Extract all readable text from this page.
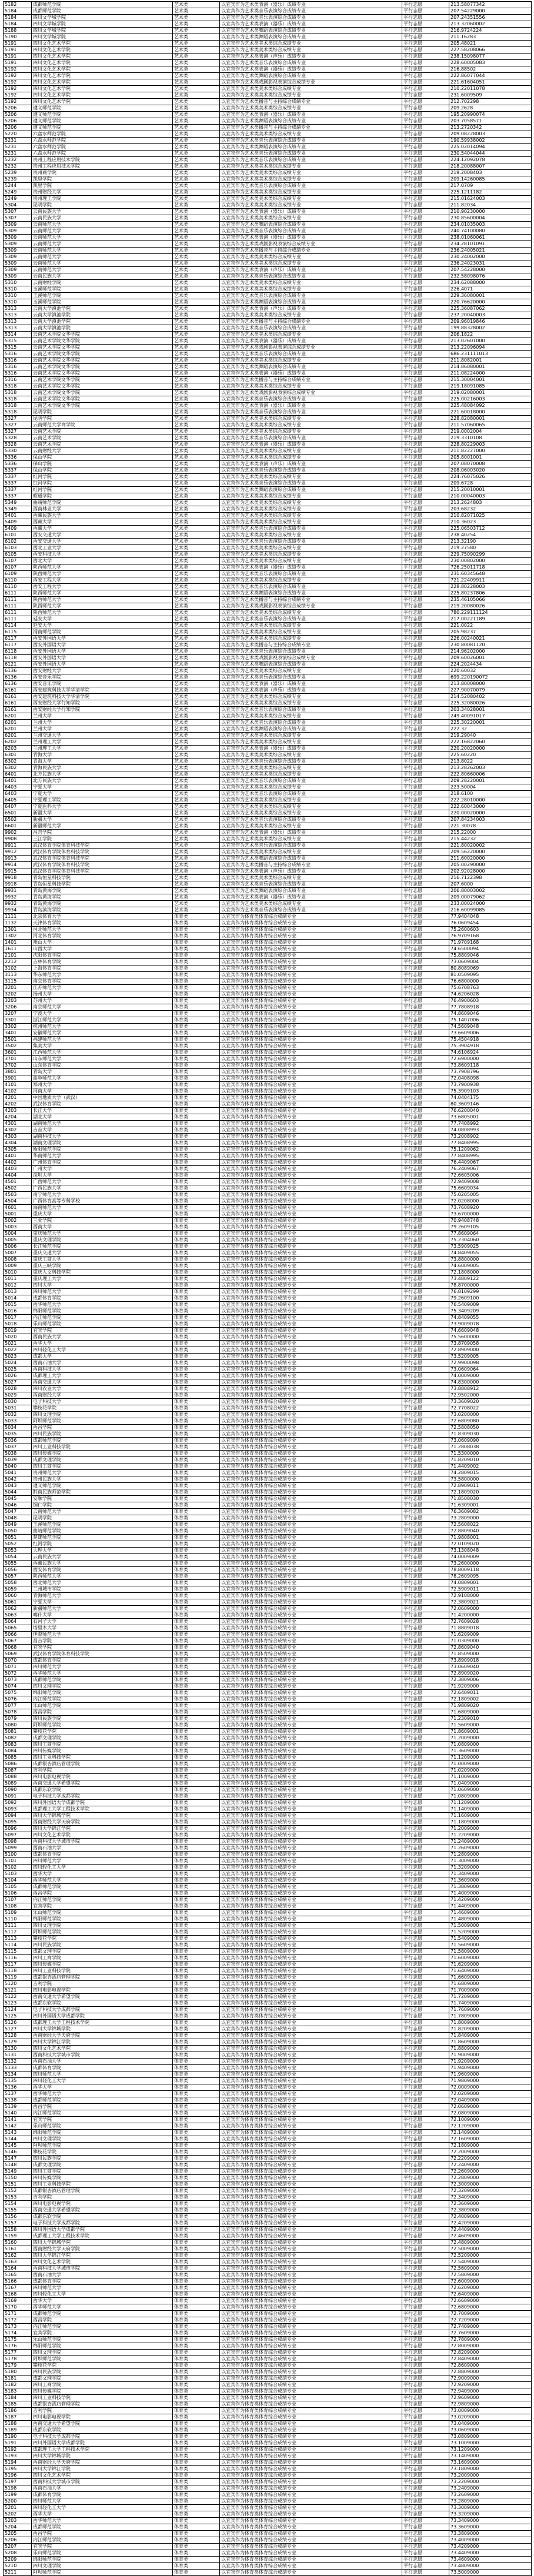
5182	成都师范学院	艺术类	以宜宾作为艺术类表演（器乐）成绩专业	平行志愿	213.58077342
5184	成都师范学院	艺术类	以宜宾作为艺术类音乐表演综合成绩专业	平行志愿	207.54229000
5184	四川文学城学院	艺术类	以宜宾作为艺术类音乐表演综合成绩专业	平行志愿	207.24351556
5184	四川文学城学院	艺术类	以宜宾作为艺术类表演（器乐）成绩专业	平行志愿	213.32060002
5188	四川文学城学院	艺术类	以宜宾作为艺术类舞蹈表演综合成绩专业	平行志愿	216.9724224
5190	四川文学城学院	艺术类	以宜宾作为艺术类舞蹈表演综合成绩专业	平行志愿	211.16283
5191	四川文化艺术学院	艺术类	以宜宾作为艺术类美术类综合成绩专业	平行志愿	205.48021
5191	四川文化艺术学院	艺术类	以宜宾作为艺术类美术类综合成绩专业	平行志愿	227.58208066
5191	四川文化艺术学院	艺术类	以宜宾作为艺术类表演（声乐）成绩专业	平行志愿	238.15098077
5191	四川文化艺术学院	艺术类	以宜宾作为艺术类音乐表演综合成绩专业	平行志愿	228.60005083
5192	四川文化艺术学院	艺术类	以宜宾作为艺术类表演（器乐）成绩专业	平行志愿	216.88502
5192	四川文化艺术学院	艺术类	以宜宾作为艺术类舞蹈表演综合成绩专业	平行志愿	222.86077044
5192	四川文化艺术学院	艺术类	以宜宾作为艺术类戏剧影视表演综合成绩专业	平行志愿	221.61604051
5192	四川文化艺术学院	艺术类	以宜宾作为艺术类美术类综合成绩专业	平行志愿	210.22011078
5192	四川文化艺术学院	艺术类	以宜宾作为艺术类美术类综合成绩专业	平行志愿	231.6009509
5192	四川文化艺术学院	艺术类	以宜宾作为艺术类播音与主持综合成绩专业	平行志愿	212.702298
5206	遵义师范学院	艺术类	以宜宾作为艺术类美术类综合成绩专业	平行志愿	209.2628
5206	遵义师范学院	艺术类	以宜宾作为艺术类表演（器乐）成绩专业	平行志愿	195.20990074
5206	遵义师范学院	艺术类	以宜宾作为艺术类舞蹈表演综合成绩专业	平行志愿	203.7058571
5206	遵义师范学院	艺术类	以宜宾作为艺术类播音与主持综合成绩专业	平行志愿	213.2720342
5220	六盘水师范学院	艺术类	以宜宾作为艺术类美术类综合成绩专业	平行志愿	209.08228003
5231	六盘水师范学院	艺术类	以宜宾作为艺术类音乐表演综合成绩专业	平行志愿	190.59938002
5231	六盘水师范学院	艺术类	以宜宾作为艺术类舞蹈表演综合成绩专业	平行志愿	225.02014094
5231	六盘水师范学院	艺术类	以宜宾作为艺术类音乐表演综合成绩专业	平行志愿	230.54044044
5232	贵州工程应用技术学院	艺术类	以宜宾作为艺术类音乐表演综合成绩专业	平行志愿	224.12092078
5232	贵州工程应用技术学院	艺术类	以宜宾作为艺术类美术类综合成绩专业	平行志愿	218.20088007
5239	贵州商学院	艺术类	以宜宾作为艺术类美术类综合成绩专业	平行志愿	219.2008403
5239	凯里学院	艺术类	以宜宾作为艺术类美术类综合成绩专业	平行志愿	209.14260085
5244	凯里学院	艺术类	以宜宾作为艺术类音乐表演综合成绩专业	平行志愿	217.0709
5249	贵州财经大学	艺术类	以宜宾作为艺术类美术类综合成绩专业	平行志愿	225.1211182
5249	贵州理工学院	艺术类	以宜宾作为艺术类美术类综合成绩专业	平行志愿	215.01624003
5304	昆明学院	艺术类	以宜宾作为艺术类美术类综合成绩专业	平行志愿	211.82034
5307	云南民族大学	艺术类	以宜宾作为艺术类表演（器乐）成绩专业	平行志愿	210.90230000
5307	云南民族大学	艺术类	以宜宾作为艺术类美术类综合成绩专业	平行志愿	230.85600004
5309	云南师范大学	艺术类	以宜宾作为艺术类舞蹈表演综合成绩专业	平行志愿	234.01035003
5309	云南师范大学	艺术类	以宜宾作为艺术类音乐表演综合成绩专业	平行志愿	240.74100080
5309	云南师范大学	艺术类	以宜宾作为艺术类表演（器乐）成绩专业	平行志愿	238.01060061
5309	云南师范大学	艺术类	以宜宾作为艺术类戏剧影视表演综合成绩专业	平行志愿	234.28101091
5309	云南师范大学	艺术类	以宜宾作为艺术类播音与主持综合成绩专业	平行志愿	236.24005021
5309	云南师范大学	艺术类	以宜宾作为艺术类美术类综合成绩专业	平行志愿	230.24002000
5309	云南师范大学	艺术类	以宜宾作为艺术类美术类综合成绩专业	平行志愿	236.24023031
5309	云南师范大学	艺术类	以宜宾作为艺术类表演（声乐）成绩专业	平行志愿	207.54228000
5309	云南民族大学	艺术类	以宜宾作为艺术类音乐表演综合成绩专业	平行志愿	232.58098076
5310	云南财经学院	艺术类	以宜宾作为艺术类美术类综合成绩专业	平行志愿	234.62088000
5310	玉溪师范学院	艺术类	以宜宾作为艺术类美术类综合成绩专业	平行志愿	226.4071
5310	玉溪师范学院	艺术类	以宜宾作为艺术类音乐表演综合成绩专业	平行志愿	229.36080001
5310	玉溪师范学院	艺术类	以宜宾作为艺术类舞蹈表演综合成绩专业	平行志愿	220.76620000
5313	云南大学滇池学院	艺术类	以宜宾作为艺术类表演（声乐）成绩专业	平行志愿	225.36087062
5313	云南大学滇池学院	艺术类	以宜宾作为艺术类美术类综合成绩专业	平行志愿	237.20040003
5313	云南大学滇池学院	艺术类	以宜宾作为艺术类播音与主持综合成绩专业	平行志愿	209.96019846
5313	云南大学滇池学院	艺术类	以宜宾作为艺术类音乐表演综合成绩专业	平行志愿	199.88328002
5314	云南艺术学院文华学院	艺术类	以宜宾作为艺术类美术类综合成绩专业	平行志愿	206.1822
5315	云南艺术学院文华学院	艺术类	以宜宾作为艺术类表演（器乐）成绩专业	平行志愿	213.02601000
5315	云南艺术学院文华学院	艺术类	以宜宾作为艺术类戏剧影视表演综合成绩专业	平行志愿	213.22096094
5316	云南艺术学院文华学院	艺术类	以宜宾作为艺术类音乐表演综合成绩专业	平行志愿	686.231111013
5316	云南艺术学院文华学院	艺术类	以宜宾作为艺术类美术类综合成绩专业	平行志愿	211.8082001
5316	云南艺术学院文华学院	艺术类	以宜宾作为艺术类舞蹈表演综合成绩专业	平行志愿	214.86080001
5316	云南艺术学院文华学院	艺术类	以宜宾作为艺术类表演（器乐）成绩专业	平行志愿	211.08224000
5316	云南艺术学院文华学院	艺术类	以宜宾作为艺术类播音与主持综合成绩专业	平行志愿	215.30004001
5318	云南艺术学院文华学院	艺术类	以宜宾作为艺术类美术类综合成绩专业	平行志愿	219.18091085
5318	云南艺术学院文华学院	艺术类	以宜宾作为艺术类戏剧影视表演综合成绩专业	平行志愿	219.02080001
5318	云南艺术学院文华学院	艺术类	以宜宾作为艺术类音乐表演综合成绩专业	平行志愿	225.00216003
5318	云南艺术学院文华学院	艺术类	以宜宾作为艺术类表演（器乐）成绩专业	平行志愿	225.48084092
5318	昆明学院	艺术类	以宜宾作为艺术类音乐表演综合成绩专业	平行志愿	221.60018000
5327	昆明学院	艺术类	以宜宾作为艺术类美术类综合成绩专业	平行志愿	228.82080001
5327	云南师范大学商学院	艺术类	以宜宾作为艺术类美术类综合成绩专业	平行志愿	211.57060065
5327	云南艺术学院	艺术类	以宜宾作为艺术类美术类综合成绩专业	平行志愿	219.0002004
5328	云南艺术学院	艺术类	以宜宾作为艺术类音乐表演综合成绩专业	平行志愿	219.3310108
5328	云南艺术学院	艺术类	以宜宾作为艺术类表演（器乐）成绩专业	平行志愿	228.80229003
5330	云南财经大学	艺术类	以宜宾作为艺术类美术类综合成绩专业	平行志愿	211.82227000
5336	保山学院	艺术类	以宜宾作为艺术类美术类综合成绩专业	平行志愿	205.8001001
5336	保山学院	艺术类	以宜宾作为艺术类表演（声乐）成绩专业	平行志愿	207.08070008
5337	保山学院	艺术类	以宜宾作为艺术类音乐表演综合成绩专业	平行志愿	208.06003020
5337	红河学院	艺术类	以宜宾作为艺术类美术类综合成绩专业	平行志愿	224.76075026
5337	红河学院	艺术类	以宜宾作为艺术类音乐表演综合成绩专业	平行志愿	209.6728
5337	红河学院	艺术类	以宜宾作为艺术类舞蹈表演综合成绩专业	平行志愿	215.20010001
5337	昭通学院	艺术类	以宜宾作为艺术类美术类综合成绩专业	平行志愿	210.00040003
5349	曲靖师范学院	艺术类	以宜宾作为艺术类美术类综合成绩专业	平行志愿	213.2624803
5349	西南林业大学	艺术类	以宜宾作为艺术类美术类综合成绩专业	平行志愿	203.68232
5401	西藏民族大学	艺术类	以宜宾作为艺术类美术类综合成绩专业	平行志愿	210.82071025
5409	西藏大学	艺术类	以宜宾作为艺术类美术类综合成绩专业	平行志愿	210.36023
5409	西藏大学	艺术类	以宜宾作为艺术类音乐表演综合成绩专业	平行志愿	225.06503712
6101	西安交通大学	艺术类	以宜宾作为艺术类美术类综合成绩专业	平行志愿	238.40254
6102	西安交通大学	艺术类	以宜宾作为艺术类音乐表演综合成绩专业	平行志愿	213.32190
6103	西北工业大学	艺术类	以宜宾作为艺术类美术类综合成绩专业	平行志愿	219.27580
6105	西安科技大学	艺术类	以宜宾作为艺术类美术类综合成绩专业	平行志愿	229.75090299
6107	西北大学	艺术类	以宜宾作为艺术类美术类综合成绩专业	平行志愿	230.00802000
6107	陕西师范大学	艺术类	以宜宾作为艺术类表演（器乐）成绩专业	平行志愿	726.25011718
6109	陕西师范大学	艺术类	以宜宾作为艺术类音乐表演综合成绩专业	平行志愿	231.60345648
6110	西安工程大学	艺术类	以宜宾作为艺术类美术类综合成绩专业	平行志愿	721.22409911
6110	西安工程大学	艺术类	以宜宾作为艺术类音乐表演综合成绩专业	平行志愿	228.80228003
6111	陕西师范大学	艺术类	以宜宾作为艺术类舞蹈表演综合成绩专业	平行志愿	225.80237806
6111	陕西师范大学	艺术类	以宜宾作为艺术类播音与主持综合成绩专业	平行志愿	235.46105066
6111	陕西师范大学	艺术类	以宜宾作为艺术类戏剧影视表演综合成绩专业	平行志愿	219.20080026
6111	陕西师范大学	艺术类	以宜宾作为艺术类美术类综合成绩专业	平行志愿	780.229111124
6111	延安大学	艺术类	以宜宾作为艺术类音乐表演综合成绩专业	平行志愿	217.00221189
6114	延安大学	艺术类	以宜宾作为艺术类美术类综合成绩专业	平行志愿	221.0022
6115	渭南师范学院	艺术类	以宜宾作为艺术类美术类综合成绩专业	平行志愿	205.98237
6117	西安外国语大学	艺术类	以宜宾作为艺术类美术类综合成绩专业	平行志愿	226.00240021
6117	西安外国语大学	艺术类	以宜宾作为艺术类播音与主持综合成绩专业	平行志愿	230.80081120
6118	西安外国语大学	艺术类	以宜宾作为艺术类音乐表演综合成绩专业	平行志愿	214.96202000
6118	西安外国语大学	艺术类	以宜宾作为艺术类戏剧影视表演综合成绩专业	平行志愿	209.60026001
6121	西安外国语大学	艺术类	以宜宾作为艺术类舞蹈表演综合成绩专业	平行志愿	224.2024434
6136	西安财经大学	艺术类	以宜宾作为艺术类美术类综合成绩专业	平行志愿	220.60032
6136	西安音乐学院	艺术类	以宜宾作为艺术类音乐表演综合成绩专业	平行志愿	699.220190072
6136	西安音乐学院	艺术类	以宜宾作为艺术类表演（器乐）成绩专业	平行志愿	213.80008000
6161	西安建筑科技大学华清学院	艺术类	以宜宾作为艺术类表演（声乐）成绩专业	平行志愿	227.90070079
6161	西安建筑科技大学华清学院	艺术类	以宜宾作为艺术类美术类综合成绩专业	平行志愿	214.52080402
6161	西安财经大学行知学院	艺术类	以宜宾作为艺术类美术类综合成绩专业	平行志愿	225.32080026
6161	西安财经大学行知学院	艺术类	以宜宾作为艺术类音乐表演综合成绩专业	平行志愿	203.34028001
6201	兰州大学	艺术类	以宜宾作为艺术类美术类综合成绩专业	平行志愿	249.40091017
6201	兰州大学	艺术类	以宜宾作为艺术类音乐表演综合成绩专业	平行志愿	225.30220001
6201	兰州大学	艺术类	以宜宾作为艺术类舞蹈表演综合成绩专业	平行志愿	222.32
6201	兰州交通大学	艺术类	以宜宾作为艺术类美术类综合成绩专业	平行志愿	219.29040
6202	兰州理工大学	艺术类	以宜宾作为艺术类美术类综合成绩专业	平行志愿	222.16822060
6203	兰州理工大学	艺术类	以宜宾作为艺术类表演（器乐）成绩专业	平行志愿	220.20020000
6301	青海大学	艺术类	以宜宾作为艺术类美术类综合成绩专业	平行志愿	225.60220
6302	青海大学	艺术类	以宜宾作为艺术类音乐表演综合成绩专业	平行志愿	213.8022
6302	青海民族大学	艺术类	以宜宾作为艺术类美术类综合成绩专业	平行志愿	213.28262003
6401	北方民族大学	艺术类	以宜宾作为艺术类美术类综合成绩专业	平行志愿	222.80660006
6401	北方民族大学	艺术类	以宜宾作为艺术类音乐表演综合成绩专业	平行志愿	209.28220001
6403	宁夏大学	艺术类	以宜宾作为艺术类美术类综合成绩专业	平行志愿	223.50004
6403	宁夏大学	艺术类	以宜宾作为艺术类音乐表演综合成绩专业	平行志愿	218.6100
6405	宁夏理工学院	艺术类	以宜宾作为艺术类美术类综合成绩专业	平行志愿	222.28010000
6407	宁夏医科大学	艺术类	以宜宾作为艺术类美术类综合成绩专业	平行志愿	222.60043000
6501	新疆大学	艺术类	以宜宾作为艺术类美术类综合成绩专业	平行志愿	220.00020000
6502	新疆大学	艺术类	以宜宾作为艺术类音乐表演综合成绩专业	平行志愿	207.84234003
6601	新疆师范大学	艺术类	以宜宾作为艺术类美术类综合成绩专业	平行志愿	221.30078
9902	昌吉学院	艺术类	以宜宾作为艺术类表演（器乐）成绩专业	平行志愿	215.22000
9908	三江学院	艺术类	以宜宾作为艺术类美术类综合成绩专业	平行志愿	215.44232
9911	武汉体育学院体育科技学院	艺术类	以宜宾作为艺术类音乐表演综合成绩专业	平行志愿	221.80020002
9912	武汉体育学院体育科技学院	艺术类	以宜宾作为艺术类美术类综合成绩专业	平行志愿	209.56220000
9913	武汉体育学院体育科技学院	艺术类	以宜宾作为艺术类舞蹈表演综合成绩专业	平行志愿	211.60020000
9914	武汉体育学院体育科技学院	艺术类	以宜宾作为艺术类播音与主持综合成绩专业	平行志愿	205.00290000
9915	武汉体育学院体育科技学院	艺术类	以宜宾作为艺术类表演（声乐）成绩专业	平行志愿	202.92028000
9918	青岛恒星科技学院	艺术类	以宜宾作为艺术类美术类综合成绩专业	平行志愿	216.7122398
9918	青岛恒星科技学院	艺术类	以宜宾作为艺术类音乐表演综合成绩专业	平行志愿	207.6000
9931	青岛黄海学院	艺术类	以宜宾作为艺术类舞蹈表演综合成绩专业	平行志愿	206.80003002
9932	青岛黄海学院	艺术类	以宜宾作为艺术类表演（器乐）成绩专业	平行志愿	209.00079062
9932	青岛黄海学院	艺术类	以宜宾作为艺术类美术类综合成绩专业	平行志愿	233.00024000
9934	青岛滨海学院	艺术类	以宜宾作为艺术类音乐表演综合成绩专业	平行志愿	216.60099085
1111	北京体育大学	体育类	以宜宾作为体育类体育综合成绩专业	平行志愿	77.9404048
1132	天津体育学院	体育类	以宜宾作为体育类体育综合成绩专业	平行志愿	76.0609454
1301	河北师范大学	体育类	以宜宾作为体育类体育综合成绩专业	平行志愿	75.2600603
1302	河北体育学院	体育类	以宜宾作为体育类体育综合成绩专业	平行志愿	76.9709168
1401	燕山大学	体育类	以宜宾作为体育类体育综合成绩专业	平行志愿	71.9709168
1611	山西大学	体育类	以宜宾作为体育类体育综合成绩专业	平行志愿	74.6500094
2101	沈阳体育学院	体育类	以宜宾作为体育类体育综合成绩专业	平行志愿	75.8809046
2212	吉林体育学院	体育类	以宜宾作为体育类体育综合成绩专业	平行志愿	73.0609004
3102	上海体育学院	体育类	以宜宾作为体育类体育综合成绩专业	平行志愿	80.8089069
3113	华东师范大学	体育类	以宜宾作为体育类体育综合成绩专业	平行志愿	81.0509095
3115	南京体育学院	体育类	以宜宾作为体育类体育综合成绩专业	平行志愿	76.6800000
3201	江苏师范大学	体育类	以宜宾作为体育类体育综合成绩专业	平行志愿	75.6708763
3202	扬州大学	体育类	以宜宾作为体育类体育综合成绩专业	平行志愿	74.6206028
3203	苏州大学	体育类	以宜宾作为体育类体育综合成绩专业	平行志愿	76.4900603
3206	南京师范大学	体育类	以宜宾作为体育类体育综合成绩专业	平行志愿	77.7808918
3207	宁波大学	体育类	以宜宾作为体育类体育综合成绩专业	平行志愿	74.8609046
3301	浙江师范大学	体育类	以宜宾作为体育类体育综合成绩专业	平行志愿	75.1407006
3302	杭州师范大学	体育类	以宜宾作为体育类体育综合成绩专业	平行志愿	74.5609048
3401	安徽师范大学	体育类	以宜宾作为体育类体育综合成绩专业	平行志愿	73.6609006
3501	福建师范大学	体育类	以宜宾作为体育类体育综合成绩专业	平行志愿	75.4504918
3502	集美大学	体育类	以宜宾作为体育类体育综合成绩专业	平行志愿	75.3904918
3601	江西师范大学	体育类	以宜宾作为体育类体育综合成绩专业	平行志愿	74.6106924
3701	山东师范大学	体育类	以宜宾作为体育类体育综合成绩专业	平行志愿	72.6900000
3702	山东体育学院	体育类	以宜宾作为体育类体育综合成绩专业	平行志愿	73.8609118
3801	青岛大学	体育类	以宜宾作为体育类体育综合成绩专业	平行志愿	73.7908796
3901	曲阜师范大学	体育类	以宜宾作为体育类体育综合成绩专业	平行志愿	72.0408098
4101	郑州大学	体育类	以宜宾作为体育类体育综合成绩专业	平行志愿	73.7900938
4102	河南大学	体育类	以宜宾作为体育类体育综合成绩专业	平行志愿	75.3909103
4201	中国地质大学（武汉）	体育类	以宜宾作为体育类体育综合成绩专业	平行志愿	74.0404175
4202	武汉体育学院	体育类	以宜宾作为体育类体育综合成绩专业	平行志愿	80.3609146
4203	长江大学	体育类	以宜宾作为体育类体育综合成绩专业	平行志愿	76.6200040
4204	湖北大学	体育类	以宜宾作为体育类体育综合成绩专业	平行志愿	73.6805001
4301	湖南师范大学	体育类	以宜宾作为体育类体育综合成绩专业	平行志愿	77.7408992
4302	吉首大学	体育类	以宜宾作为体育类体育综合成绩专业	平行志愿	74.0808993
4303	湖南科技大学	体育类	以宜宾作为体育类体育综合成绩专业	平行志愿	73.2008902
4304	湖南文理学院	体育类	以宜宾作为体育类体育综合成绩专业	平行志愿	77.8408995
4305	衡阳师范学院	体育类	以宜宾作为体育类体育综合成绩专业	平行志愿	75.1209062
4401	华南师范大学	体育类	以宜宾作为体育类体育综合成绩专业	平行志愿	77.8408995
4402	广州体育学院	体育类	以宜宾作为体育类体育综合成绩专业	平行志愿	76.4409067
4403	广州大学	体育类	以宜宾作为体育类体育综合成绩专业	平行志愿	76.2409067
4404	深圳大学	体育类	以宜宾作为体育类体育综合成绩专业	平行志愿	72.6605006
4501	广西师范大学	体育类	以宜宾作为体育类体育综合成绩专业	平行志愿	72.9409008
4502	广西民族大学	体育类	以宜宾作为体育类体育综合成绩专业	平行志愿	75.6609034
4503	南宁师范大学	体育类	以宜宾作为体育类体育综合成绩专业	平行志愿	75.0205005
4504	广西体育高等专科学校	体育类	以宜宾作为体育类体育综合成绩专业	平行志愿	72.0208000
4601	海南师范大学	体育类	以宜宾作为体育类体育综合成绩专业	平行志愿	73.7608920
5001	重庆大学	体育类	以宜宾作为体育类体育综合成绩专业	平行志愿	73.6700000
5002	三亚学院	体育类	以宜宾作为体育类体育综合成绩专业	平行志愿	70.9408748
5003	西南大学	体育类	以宜宾作为体育类体育综合成绩专业	平行志愿	79.2609105
5004	重庆师范大学	体育类	以宜宾作为体育类体育综合成绩专业	平行志愿	77.8609064
5005	重庆文理学院	体育类	以宜宾作为体育类体育综合成绩专业	平行志愿	75.2304060
5006	长江师范学院	体育类	以宜宾作为体育类体育综合成绩专业	平行志愿	73.5909025
5007	重庆交通大学	体育类	以宜宾作为体育类体育综合成绩专业	平行志愿	74.8409055
5008	重庆工商大学	体育类	以宜宾作为体育类体育综合成绩专业	平行志愿	73.8800000
5009	重庆三峡学院	体育类	以宜宾作为体育类体育综合成绩专业	平行志愿	74.6009005
5010	重庆人文科技学院	体育类	以宜宾作为体育类体育综合成绩专业	平行志愿	72.1808000
5011	重庆理工大学	体育类	以宜宾作为体育类体育综合成绩专业	平行志愿	73.4809122
5012	四川大学	体育类	以宜宾作为体育类体育综合成绩专业	平行志愿	78.8700000
5013	四川师范大学	体育类	以宜宾作为体育类体育综合成绩专业	平行志愿	76.8109299
5014	成都体育学院	体育类	以宜宾作为体育类体育综合成绩专业	平行志愿	79.2609100
5015	西华师范大学	体育类	以宜宾作为体育类体育综合成绩专业	平行志愿	76.5409009
5016	绵阳师范学院	体育类	以宜宾作为体育类体育综合成绩专业	平行志愿	75.3409209
5017	内江师范学院	体育类	以宜宾作为体育类体育综合成绩专业	平行志愿	74.8409055
5018	乐山师范学院	体育类	以宜宾作为体育类体育综合成绩专业	平行志愿	73.9009078
5019	宜宾学院	体育类	以宜宾作为体育类体育综合成绩专业	平行志愿	74.6609048
5020	西南民族大学	体育类	以宜宾作为体育类体育综合成绩专业	平行志愿	75.5600000
5021	西华大学	体育类	以宜宾作为体育类体育综合成绩专业	平行志愿	73.8709058
5022	四川轻化工大学	体育类	以宜宾作为体育类体育综合成绩专业	平行志愿	72.8909000
5023	成都大学	体育类	以宜宾作为体育类体育综合成绩专业	平行志愿	73.5209005
5024	西南石油大学	体育类	以宜宾作为体育类体育综合成绩专业	平行志愿	72.9900098
5025	西南科技大学	体育类	以宜宾作为体育类体育综合成绩专业	平行志愿	73.0609064
5026	成都理工大学	体育类	以宜宾作为体育类体育综合成绩专业	平行志愿	74.0009000
5027	西南交通大学	体育类	以宜宾作为体育类体育综合成绩专业	平行志愿	74.8300000
5028	四川农业大学	体育类	以宜宾作为体育类体育综合成绩专业	平行志愿	73.8808912
5029	西南财经大学	体育类	以宜宾作为体育类体育综合成绩专业	平行志愿	72.9502000
5030	电子科技大学	体育类	以宜宾作为体育类体育综合成绩专业	平行志愿	73.3609020
5031	攀枝花学院	体育类	以宜宾作为体育类体育综合成绩专业	平行志愿	72.7708022
5032	四川文理学院	体育类	以宜宾作为体育类体育综合成绩专业	平行志愿	73.0200000
5033	阿坝师范学院	体育类	以宜宾作为体育类体育综合成绩专业	平行志愿	72.6809080
5034	西昌学院	体育类	以宜宾作为体育类体育综合成绩专业	平行志愿	72.5808050
5035	四川民族学院	体育类	以宜宾作为体育类体育综合成绩专业	平行志愿	71.8309030
5036	成都师范学院	体育类	以宜宾作为体育类体育综合成绩专业	平行志愿	73.0609090
5037	四川工业科技学院	体育类	以宜宾作为体育类体育综合成绩专业	平行志愿	71.2808038
5038	四川传媒学院	体育类	以宜宾作为体育类体育综合成绩专业	平行志愿	71.5300000
5039	成都文理学院	体育类	以宜宾作为体育类体育综合成绩专业	平行志愿	71.8209010
5040	四川工商学院	体育类	以宜宾作为体育类体育综合成绩专业	平行志愿	71.4409002
5041	贵州师范大学	体育类	以宜宾作为体育类体育综合成绩专业	平行志愿	74.2809015
5042	贵州民族大学	体育类	以宜宾作为体育类体育综合成绩专业	平行志愿	73.5800000
5043	遵义师范学院	体育类	以宜宾作为体育类体育综合成绩专业	平行志愿	72.8909011
5044	黔南民族师范学院	体育类	以宜宾作为体育类体育综合成绩专业	平行志愿	72.1809020
5045	安顺学院	体育类	以宜宾作为体育类体育综合成绩专业	平行志愿	71.8508030
5046	铜仁学院	体育类	以宜宾作为体育类体育综合成绩专业	平行志愿	71.6309001
5047	云南师范大学	体育类	以宜宾作为体育类体育综合成绩专业	平行志愿	76.3609082
5048	昆明学院	体育类	以宜宾作为体育类体育综合成绩专业	平行志愿	73.2809000
5049	玉溪师范学院	体育类	以宜宾作为体育类体育综合成绩专业	平行志愿	72.5608022
5050	曲靖师范学院	体育类	以宜宾作为体育类体育综合成绩专业	平行志愿	72.8809040
5051	楚雄师范学院	体育类	以宜宾作为体育类体育综合成绩专业	平行志愿	71.9808001
5052	红河学院	体育类	以宜宾作为体育类体育综合成绩专业	平行志愿	72.0109020
5053	大理大学	体育类	以宜宾作为体育类体育综合成绩专业	平行志愿	73.1308048
5054	云南民族大学	体育类	以宜宾作为体育类体育综合成绩专业	平行志愿	74.0009009
5055	西藏民族大学	体育类	以宜宾作为体育类体育综合成绩专业	平行志愿	73.2600000
5056	西安体育学院	体育类	以宜宾作为体育类体育综合成绩专业	平行志愿	78.8009118
5057	陕西师范大学	体育类	以宜宾作为体育类体育综合成绩专业	平行志愿	78.2609095
5058	西北师范大学	体育类	以宜宾作为体育类体育综合成绩专业	平行志愿	74.0809001
5059	兰州城市学院	体育类	以宜宾作为体育类体育综合成绩专业	平行志愿	72.5909011
5060	青海师范大学	体育类	以宜宾作为体育类体育综合成绩专业	平行志愿	72.9108000
5061	宁夏大学	体育类	以宜宾作为体育类体育综合成绩专业	平行志愿	72.3809021
5062	新疆师范大学	体育类	以宜宾作为体育类体育综合成绩专业	平行志愿	72.0609000
5063	喀什大学	体育类	以宜宾作为体育类体育综合成绩专业	平行志愿	71.4200000
5064	石河子大学	体育类	以宜宾作为体育类体育综合成绩专业	平行志愿	72.7609028
5065	塔里木大学	体育类	以宜宾作为体育类体育综合成绩专业	平行志愿	71.8809018
5066	伊犁师范大学	体育类	以宜宾作为体育类体育综合成绩专业	平行志愿	71.6209009
5067	昌吉学院	体育类	以宜宾作为体育类体育综合成绩专业	平行志愿	71.0309000
5068	宜宾学院	体育类	以宜宾作为体育类体育综合成绩专业	平行志愿	72.8609040
5069	武汉体育学院体育科技学院	体育类	以宜宾作为体育类体育综合成绩专业	平行志愿	71.8509000
5070	成都体育学院	体育类	以宜宾作为体育类体育综合成绩专业	平行志愿	73.8909018
5071	四川师范大学	体育类	以宜宾作为体育类体育综合成绩专业	平行志愿	73.0609040
5072	西华师范大学	体育类	以宜宾作为体育类体育综合成绩专业	平行志愿	72.8909020
5073	成都师范学院	体育类	以宜宾作为体育类体育综合成绩专业	平行志愿	72.3809006
5074	四川文理学院	体育类	以宜宾作为体育类体育综合成绩专业	平行志愿	71.9209000
5075	绵阳师范学院	体育类	以宜宾作为体育类体育综合成绩专业	平行志愿	72.6409011
5076	内江师范学院	体育类	以宜宾作为体育类体育综合成绩专业	平行志愿	72.1809002
5077	乐山师范学院	体育类	以宜宾作为体育类体育综合成绩专业	平行志愿	71.9809020
5078	西昌学院	体育类	以宜宾作为体育类体育综合成绩专业	平行志愿	71.6809000
5079	四川民族学院	体育类	以宜宾作为体育类体育综合成绩专业	平行志愿	71.2309010
5080	阿坝师范学院	体育类	以宜宾作为体育类体育综合成绩专业	平行志愿	71.5609000
5081	攀枝花学院	体育类	以宜宾作为体育类体育综合成绩专业	平行志愿	71.8609001
5082	成都文理学院	体育类	以宜宾作为体育类体育综合成绩专业	平行志愿	71.2009000
5083	四川工商学院	体育类	以宜宾作为体育类体育综合成绩专业	平行志愿	71.0809000
5084	四川传媒学院	体育类	以宜宾作为体育类体育综合成绩专业	平行志愿	71.3609000
5085	四川工业科技学院	体育类	以宜宾作为体育类体育综合成绩专业	平行志愿	71.1209000
5086	成都银杏酒店管理学院	体育类	以宜宾作为体育类体育综合成绩专业	平行志愿	71.0009000
5087	吉利学院	体育类	以宜宾作为体育类体育综合成绩专业	平行志愿	71.0209000
5088	四川电影电视学院	体育类	以宜宾作为体育类体育综合成绩专业	平行志愿	71.1009000
5089	西南交通大学希望学院	体育类	以宜宾作为体育类体育综合成绩专业	平行志愿	71.0409000
5090	成都东软学院	体育类	以宜宾作为体育类体育综合成绩专业	平行志愿	71.0609000
5091	电子科技大学成都学院	体育类	以宜宾作为体育类体育综合成绩专业	平行志愿	71.0809000
5092	四川外国语大学成都学院	体育类	以宜宾作为体育类体育综合成绩专业	平行志愿	71.1209000
5093	成都理工大学工程技术学院	体育类	以宜宾作为体育类体育综合成绩专业	平行志愿	71.1409000
5094	四川大学锦城学院	体育类	以宜宾作为体育类体育综合成绩专业	平行志愿	71.1609000
5095	西南财经大学天府学院	体育类	以宜宾作为体育类体育综合成绩专业	平行志愿	71.1809000
5096	四川大学锦江学院	体育类	以宜宾作为体育类体育综合成绩专业	平行志愿	71.2009000
5097	四川文化艺术学院	体育类	以宜宾作为体育类体育综合成绩专业	平行志愿	71.2209000
5098	西南科技大学城市学院	体育类	以宜宾作为体育类体育综合成绩专业	平行志愿	71.2409000
5099	西南石油大学	体育类	以宜宾作为体育类体育综合成绩专业	平行志愿	71.2609000
5100	成都体育学院	体育类	以宜宾作为体育类体育综合成绩专业	平行志愿	71.2809000
5101	四川师范大学	体育类	以宜宾作为体育类体育综合成绩专业	平行志愿	71.3009000
5102	四川轻化工大学	体育类	以宜宾作为体育类体育综合成绩专业	平行志愿	71.3209000
5103	西华大学	体育类	以宜宾作为体育类体育综合成绩专业	平行志愿	71.3409000
5104	西华师范大学	体育类	以宜宾作为体育类体育综合成绩专业	平行志愿	71.3609000
5105	成都师范学院	体育类	以宜宾作为体育类体育综合成绩专业	平行志愿	71.3809000
5106	西昌学院	体育类	以宜宾作为体育类体育综合成绩专业	平行志愿	71.4009000
5107	内江师范学院	体育类	以宜宾作为体育类体育综合成绩专业	平行志愿	71.4209000
5108	宜宾学院	体育类	以宜宾作为体育类体育综合成绩专业	平行志愿	71.4409000
5109	乐山师范学院	体育类	以宜宾作为体育类体育综合成绩专业	平行志愿	71.4609000
5110	绵阳师范学院	体育类	以宜宾作为体育类体育综合成绩专业	平行志愿	71.4809000
5111	四川文理学院	体育类	以宜宾作为体育类体育综合成绩专业	平行志愿	71.5009000
5112	阿坝师范学院	体育类	以宜宾作为体育类体育综合成绩专业	平行志愿	71.5209000
5113	攀枝花学院	体育类	以宜宾作为体育类体育综合成绩专业	平行志愿	71.5409000
5114	四川民族学院	体育类	以宜宾作为体育类体育综合成绩专业	平行志愿	71.5609000
5115	成都文理学院	体育类	以宜宾作为体育类体育综合成绩专业	平行志愿	71.5809000
5116	四川工商学院	体育类	以宜宾作为体育类体育综合成绩专业	平行志愿	71.6009000
5117	四川传媒学院	体育类	以宜宾作为体育类体育综合成绩专业	平行志愿	71.6209000
5118	四川工业科技学院	体育类	以宜宾作为体育类体育综合成绩专业	平行志愿	71.6409000
5119	成都银杏酒店管理学院	体育类	以宜宾作为体育类体育综合成绩专业	平行志愿	71.6609000
5120	吉利学院	体育类	以宜宾作为体育类体育综合成绩专业	平行志愿	71.6809000
5121	四川电影电视学院	体育类	以宜宾作为体育类体育综合成绩专业	平行志愿	71.7009000
5122	西南交通大学希望学院	体育类	以宜宾作为体育类体育综合成绩专业	平行志愿	71.7209000
5123	成都东软学院	体育类	以宜宾作为体育类体育综合成绩专业	平行志愿	71.7409000
5124	电子科技大学成都学院	体育类	以宜宾作为体育类体育综合成绩专业	平行志愿	71.7609000
5125	四川外国语大学成都学院	体育类	以宜宾作为体育类体育综合成绩专业	平行志愿	71.7809000
5126	成都理工大学工程技术学院	体育类	以宜宾作为体育类体育综合成绩专业	平行志愿	71.8009000
5127	四川大学锦城学院	体育类	以宜宾作为体育类体育综合成绩专业	平行志愿	71.8209000
5128	西南财经大学天府学院	体育类	以宜宾作为体育类体育综合成绩专业	平行志愿	71.8409000
5129	四川大学锦江学院	体育类	以宜宾作为体育类体育综合成绩专业	平行志愿	71.8609000
5130	四川文化艺术学院	体育类	以宜宾作为体育类体育综合成绩专业	平行志愿	71.8809000
5131	西南科技大学城市学院	体育类	以宜宾作为体育类体育综合成绩专业	平行志愿	71.9009000
5132	西南石油大学	体育类	以宜宾作为体育类体育综合成绩专业	平行志愿	71.9209000
5133	成都体育学院	体育类	以宜宾作为体育类体育综合成绩专业	平行志愿	71.9409000
5134	四川师范大学	体育类	以宜宾作为体育类体育综合成绩专业	平行志愿	71.9609000
5135	四川轻化工大学	体育类	以宜宾作为体育类体育综合成绩专业	平行志愿	71.9809000
5136	西华大学	体育类	以宜宾作为体育类体育综合成绩专业	平行志愿	72.0009000
5137	西华师范大学	体育类	以宜宾作为体育类体育综合成绩专业	平行志愿	72.0209000
5138	成都师范学院	体育类	以宜宾作为体育类体育综合成绩专业	平行志愿	72.0409000
5139	西昌学院	体育类	以宜宾作为体育类体育综合成绩专业	平行志愿	72.0609000
5140	内江师范学院	体育类	以宜宾作为体育类体育综合成绩专业	平行志愿	72.0809000
5141	宜宾学院	体育类	以宜宾作为体育类体育综合成绩专业	平行志愿	72.1009000
5142	乐山师范学院	体育类	以宜宾作为体育类体育综合成绩专业	平行志愿	72.1209000
5143	绵阳师范学院	体育类	以宜宾作为体育类体育综合成绩专业	平行志愿	72.1409000
5144	四川文理学院	体育类	以宜宾作为体育类体育综合成绩专业	平行志愿	72.1609000
5145	阿坝师范学院	体育类	以宜宾作为体育类体育综合成绩专业	平行志愿	72.1809000
5146	攀枝花学院	体育类	以宜宾作为体育类体育综合成绩专业	平行志愿	72.2009000
5147	四川民族学院	体育类	以宜宾作为体育类体育综合成绩专业	平行志愿	72.2209000
5148	成都文理学院	体育类	以宜宾作为体育类体育综合成绩专业	平行志愿	72.2409000
5149	四川工商学院	体育类	以宜宾作为体育类体育综合成绩专业	平行志愿	72.2609000
5150	四川传媒学院	体育类	以宜宾作为体育类体育综合成绩专业	平行志愿	72.2809000
5151	四川工业科技学院	体育类	以宜宾作为体育类体育综合成绩专业	平行志愿	72.3009000
5152	成都银杏酒店管理学院	体育类	以宜宾作为体育类体育综合成绩专业	平行志愿	72.3209000
5153	吉利学院	体育类	以宜宾作为体育类体育综合成绩专业	平行志愿	72.3409000
5154	四川电影电视学院	体育类	以宜宾作为体育类体育综合成绩专业	平行志愿	72.3609000
5155	西南交通大学希望学院	体育类	以宜宾作为体育类体育综合成绩专业	平行志愿	72.3809000
5156	成都东软学院	体育类	以宜宾作为体育类体育综合成绩专业	平行志愿	72.4009000
5157	电子科技大学成都学院	体育类	以宜宾作为体育类体育综合成绩专业	平行志愿	72.4209000
5158	四川外国语大学成都学院	体育类	以宜宾作为体育类体育综合成绩专业	平行志愿	72.4409000
5159	成都理工大学工程技术学院	体育类	以宜宾作为体育类体育综合成绩专业	平行志愿	72.4609000
5160	四川大学锦城学院	体育类	以宜宾作为体育类体育综合成绩专业	平行志愿	72.4809000
5161	西南财经大学天府学院	体育类	以宜宾作为体育类体育综合成绩专业	平行志愿	72.5009000
5162	四川大学锦江学院	体育类	以宜宾作为体育类体育综合成绩专业	平行志愿	72.5209000
5163	四川文化艺术学院	体育类	以宜宾作为体育类体育综合成绩专业	平行志愿	72.5409000
5164	西南科技大学城市学院	体育类	以宜宾作为体育类体育综合成绩专业	平行志愿	72.5609000
5165	西南石油大学	体育类	以宜宾作为体育类体育综合成绩专业	平行志愿	72.5809000
5166	成都体育学院	体育类	以宜宾作为体育类体育综合成绩专业	平行志愿	72.6009000
5167	四川师范大学	体育类	以宜宾作为体育类体育综合成绩专业	平行志愿	72.6209000
5168	四川轻化工大学	体育类	以宜宾作为体育类体育综合成绩专业	平行志愿	72.6409000
5169	西华大学	体育类	以宜宾作为体育类体育综合成绩专业	平行志愿	72.6609000
5170	西华师范大学	体育类	以宜宾作为体育类体育综合成绩专业	平行志愿	72.6809000
5171	成都师范学院	体育类	以宜宾作为体育类体育综合成绩专业	平行志愿	72.7009000
5172	西昌学院	体育类	以宜宾作为体育类体育综合成绩专业	平行志愿	72.7209000
5173	内江师范学院	体育类	以宜宾作为体育类体育综合成绩专业	平行志愿	72.7409000
5174	宜宾学院	体育类	以宜宾作为体育类体育综合成绩专业	平行志愿	72.7609000
5175	乐山师范学院	体育类	以宜宾作为体育类体育综合成绩专业	平行志愿	72.7809000
5176	绵阳师范学院	体育类	以宜宾作为体育类体育综合成绩专业	平行志愿	72.8009000
5177	四川文理学院	体育类	以宜宾作为体育类体育综合成绩专业	平行志愿	72.8209000
5178	阿坝师范学院	体育类	以宜宾作为体育类体育综合成绩专业	平行志愿	72.8409000
5179	攀枝花学院	体育类	以宜宾作为体育类体育综合成绩专业	平行志愿	72.8609000
5180	四川民族学院	体育类	以宜宾作为体育类体育综合成绩专业	平行志愿	72.8809000
5181	成都文理学院	体育类	以宜宾作为体育类体育综合成绩专业	平行志愿	72.9009000
5182	四川工商学院	体育类	以宜宾作为体育类体育综合成绩专业	平行志愿	72.9209000
5183	四川传媒学院	体育类	以宜宾作为体育类体育综合成绩专业	平行志愿	72.9409000
5184	四川工业科技学院	体育类	以宜宾作为体育类体育综合成绩专业	平行志愿	72.9609000
5185	成都银杏酒店管理学院	体育类	以宜宾作为体育类体育综合成绩专业	平行志愿	72.9809000
5186	吉利学院	体育类	以宜宾作为体育类体育综合成绩专业	平行志愿	73.0009000
5187	四川电影电视学院	体育类	以宜宾作为体育类体育综合成绩专业	平行志愿	73.0209000
5188	西南交通大学希望学院	体育类	以宜宾作为体育类体育综合成绩专业	平行志愿	73.0409000
5189	成都东软学院	体育类	以宜宾作为体育类体育综合成绩专业	平行志愿	73.0609000
5190	电子科技大学成都学院	体育类	以宜宾作为体育类体育综合成绩专业	平行志愿	73.0809000
5191	四川外国语大学成都学院	体育类	以宜宾作为体育类体育综合成绩专业	平行志愿	73.1009000
5192	成都理工大学工程技术学院	体育类	以宜宾作为体育类体育综合成绩专业	平行志愿	73.1209000
5193	四川大学锦城学院	体育类	以宜宾作为体育类体育综合成绩专业	平行志愿	73.1409000
5194	西南财经大学天府学院	体育类	以宜宾作为体育类体育综合成绩专业	平行志愿	73.1609000
5195	四川大学锦江学院	体育类	以宜宾作为体育类体育综合成绩专业	平行志愿	73.1809000
5196	四川文化艺术学院	体育类	以宜宾作为体育类体育综合成绩专业	平行志愿	73.2009000
5197	西南科技大学城市学院	体育类	以宜宾作为体育类体育综合成绩专业	平行志愿	73.2209000
5198	西南石油大学	体育类	以宜宾作为体育类体育综合成绩专业	平行志愿	73.2409000
5199	成都体育学院	体育类	以宜宾作为体育类体育综合成绩专业	平行志愿	73.2609000
5200	四川师范大学	体育类	以宜宾作为体育类体育综合成绩专业	平行志愿	73.2809000
5201	四川轻化工大学	体育类	以宜宾作为体育类体育综合成绩专业	平行志愿	73.3009000
5202	西华大学	体育类	以宜宾作为体育类体育综合成绩专业	平行志愿	73.3209000
5203	西华师范大学	体育类	以宜宾作为体育类体育综合成绩专业	平行志愿	73.3409000
5204	成都师范学院	体育类	以宜宾作为体育类体育综合成绩专业	平行志愿	73.3609000
5205	西昌学院	体育类	以宜宾作为体育类体育综合成绩专业	平行志愿	73.3809000
5206	内江师范学院	体育类	以宜宾作为体育类体育综合成绩专业	平行志愿	73.4009000
5207	宜宾学院	体育类	以宜宾作为体育类体育综合成绩专业	平行志愿	73.4209000
5208	乐山师范学院	体育类	以宜宾作为体育类体育综合成绩专业	平行志愿	73.4409000
5209	绵阳师范学院	体育类	以宜宾作为体育类体育综合成绩专业	平行志愿	73.4609000
5210	四川文理学院	体育类	以宜宾作为体育类体育综合成绩专业	平行志愿	73.4809000
5211	阿坝师范学院	体育类	以宜宾作为体育类体育综合成绩专业	平行志愿	73.5009000
